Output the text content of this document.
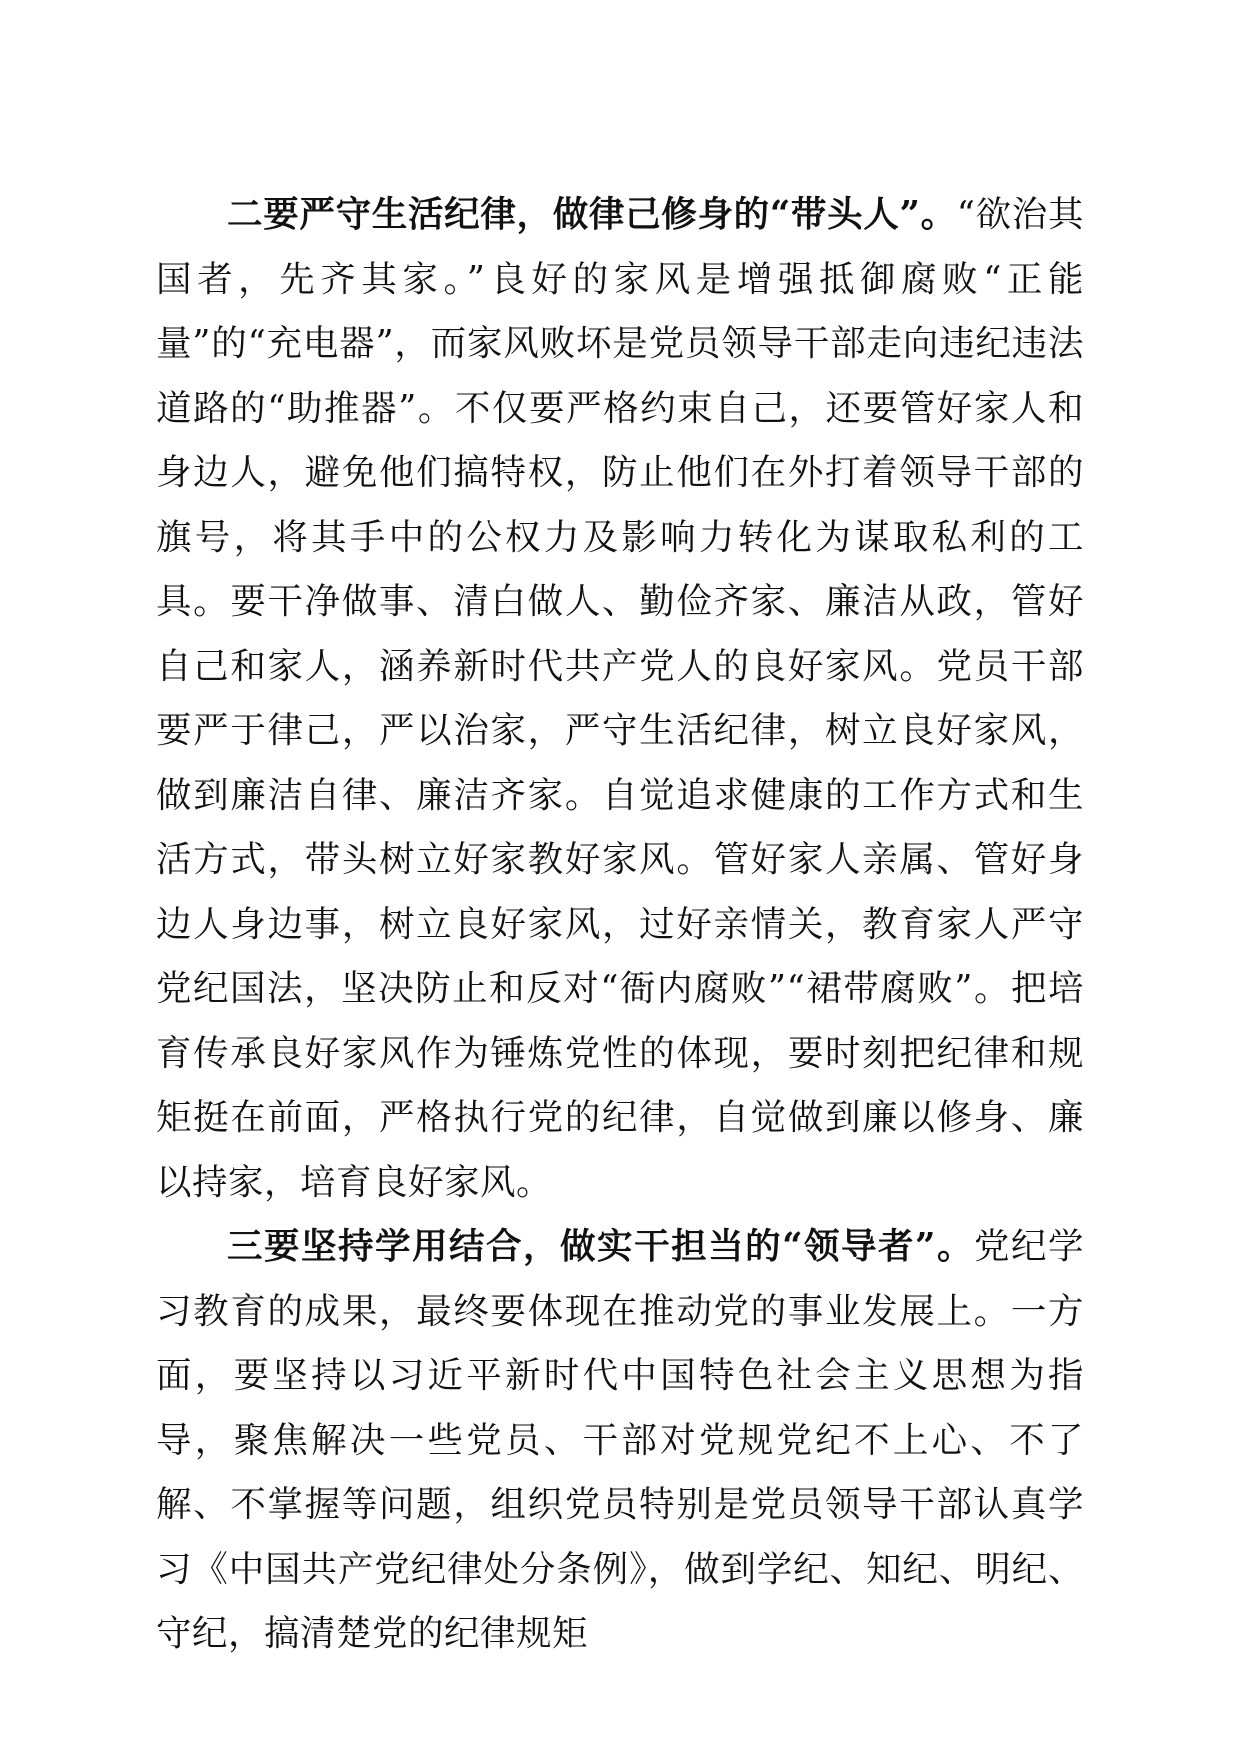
二要严守生活纪律，做律己修身的“带头人”。“欲治其国者，先齐其家。”良好的家风是增强抵御腐败“正能量”的“充电器”，而家风败坏是党员领导干部走向违纪违法道路的“助推器”。不仅要严格约束自己，还要管好家人和身边人，避免他们搞特权，防止他们在外打着领导干部的旗号，将其手中的公权力及影响力转化为谋取私利的工具。要干净做事、清白做人、勤俭齐家、廉洁从政，管好自己和家人，涵养新时代共产党人的良好家风。党员干部要严于律己，严以治家，严守生活纪律，树立良好家风，做到廉洁自律、廉洁齐家。自觉追求健康的工作方式和生活方式，带头树立好家教好家风。管好家人亲属、管好身边人身边事，树立良好家风，过好亲情关，教育家人严守党纪国法，坚决防止和反对“衙内腐败”“裙带腐败”。把培育传承良好家风作为锤炼党性的体现，要时刻把纪律和规矩挺在前面，严格执行党的纪律，自觉做到廉以修身、廉以持家，培育良好家风。

三要坚持学用结合，做实干担当的“领导者”。党纪学习教育的成果，最终要体现在推动党的事业发展上。一方面，要坚持以习近平新时代中国特色社会主义思想为指导，聚焦解决一些党员、干部对党规党纪不上心、不了解、不掌握等问题，组织党员特别是党员领导干部认真学习《中国共产党纪律处分条例》，做到学纪、知纪、明纪、守纪，搞清楚党的纪律规矩
